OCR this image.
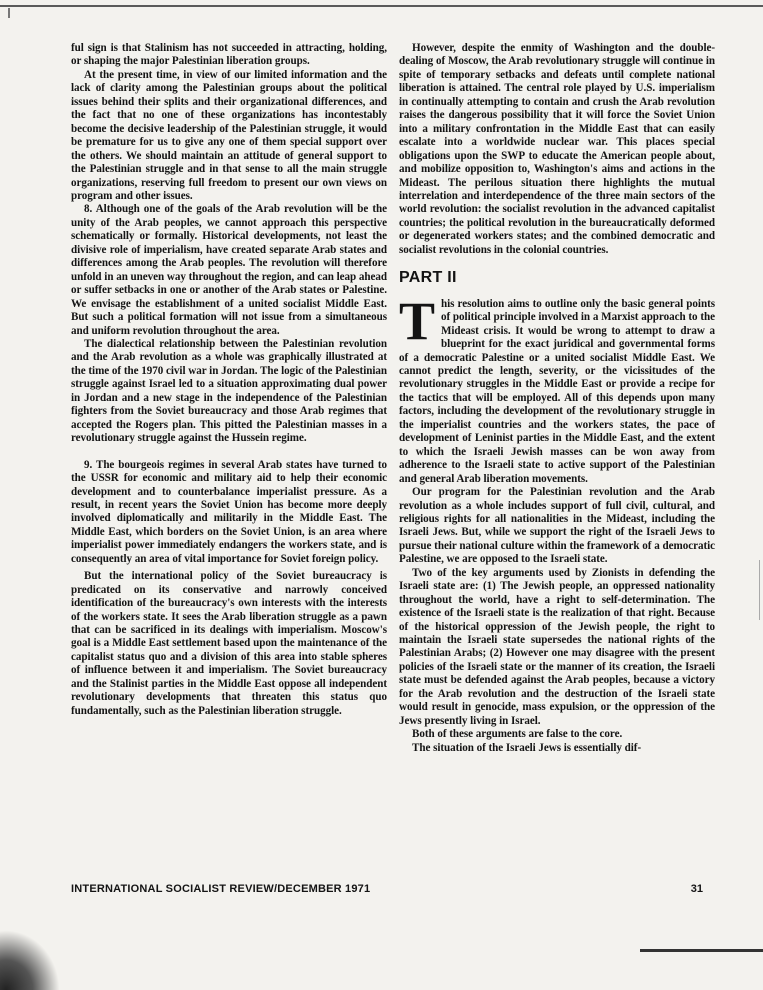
ful sign is that Stalinism has not succeeded in attracting, holding, or shaping the major Palestinian liberation groups.

At the present time, in view of our limited information and the lack of clarity among the Palestinian groups about the political issues behind their splits and their organizational differences, and the fact that no one of these organizations has incontestably become the decisive leadership of the Palestinian struggle, it would be premature for us to give any one of them special support over the others. We should maintain an attitude of general support to the Palestinian struggle and in that sense to all the main struggle organizations, reserving full freedom to present our own views on program and other issues.

8. Although one of the goals of the Arab revolution will be the unity of the Arab peoples, we cannot approach this perspective schematically or formally. Historical developments, not least the divisive role of imperialism, have created separate Arab states and differences among the Arab peoples. The revolution will therefore unfold in an uneven way throughout the region, and can leap ahead or suffer setbacks in one or another of the Arab states or Palestine. We envisage the establishment of a united socialist Middle East. But such a political formation will not issue from a simultaneous and uniform revolution throughout the area.

The dialectical relationship between the Palestinian revolution and the Arab revolution as a whole was graphically illustrated at the time of the 1970 civil war in Jordan. The logic of the Palestinian struggle against Israel led to a situation approximating dual power in Jordan and a new stage in the independence of the Palestinian fighters from the Soviet bureaucracy and those Arab regimes that accepted the Rogers plan. This pitted the Palestinian masses in a revolutionary struggle against the Hussein regime.

9. The bourgeois regimes in several Arab states have turned to the USSR for economic and military aid to help their economic development and to counterbalance imperialist pressure. As a result, in recent years the Soviet Union has become more deeply involved diplomatically and militarily in the Middle East. The Middle East, which borders on the Soviet Union, is an area where imperialist power immediately endangers the workers state, and is consequently an area of vital importance for Soviet foreign policy.

But the international policy of the Soviet bureaucracy is predicated on its conservative and narrowly conceived identification of the bureaucracy's own interests with the interests of the workers state. It sees the Arab liberation struggle as a pawn that can be sacrificed in its dealings with imperialism. Moscow's goal is a Middle East settlement based upon the maintenance of the capitalist status quo and a division of this area into stable spheres of influence between it and imperialism. The Soviet bureaucracy and the Stalinist parties in the Middle East oppose all independent revolutionary developments that threaten this status quo fundamentally, such as the Palestinian liberation struggle.

However, despite the enmity of Washington and the double-dealing of Moscow, the Arab revolutionary struggle will continue in spite of temporary setbacks and defeats until complete national liberation is attained. The central role played by U.S. imperialism in continually attempting to contain and crush the Arab revolution raises the dangerous possibility that it will force the Soviet Union into a military confrontation in the Middle East that can easily escalate into a worldwide nuclear war. This places special obligations upon the SWP to educate the American people about, and mobilize opposition to, Washington's aims and actions in the Mideast. The perilous situation there highlights the mutual interrelation and interdependence of the three main sectors of the world revolution: the socialist revolution in the advanced capitalist countries; the political revolution in the bureaucratically deformed or degenerated workers states; and the combined democratic and socialist revolutions in the colonial countries.

PART II

This resolution aims to outline only the basic general points of political principle involved in a Marxist approach to the Mideast crisis. It would be wrong to attempt to draw a blueprint for the exact juridical and governmental forms of a democratic Palestine or a united socialist Middle East. We cannot predict the length, severity, or the vicissitudes of the revolutionary struggles in the Middle East or provide a recipe for the tactics that will be employed. All of this depends upon many factors, including the development of the revolutionary struggle in the imperialist countries and the workers states, the pace of development of Leninist parties in the Middle East, and the extent to which the Israeli Jewish masses can be won away from adherence to the Israeli state to active support of the Palestinian and general Arab liberation movements.

Our program for the Palestinian revolution and the Arab revolution as a whole includes support of full civil, cultural, and religious rights for all nationalities in the Mideast, including the Israeli Jews. But, while we support the right of the Israeli Jews to pursue their national culture within the framework of a democratic Palestine, we are opposed to the Israeli state.

Two of the key arguments used by Zionists in defending the Israeli state are: (1) The Jewish people, an oppressed nationality throughout the world, have a right to self-determination. The existence of the Israeli state is the realization of that right. Because of the historical oppression of the Jewish people, the right to maintain the Israeli state supersedes the national rights of the Palestinian Arabs; (2) However one may disagree with the present policies of the Israeli state or the manner of its creation, the Israeli state must be defended against the Arab peoples, because a victory for the Arab revolution and the destruction of the Israeli state would result in genocide, mass expulsion, or the oppression of the Jews presently living in Israel.

Both of these arguments are false to the core.

The situation of the Israeli Jews is essentially dif-

INTERNATIONAL SOCIALIST REVIEW/DECEMBER 1971	31
